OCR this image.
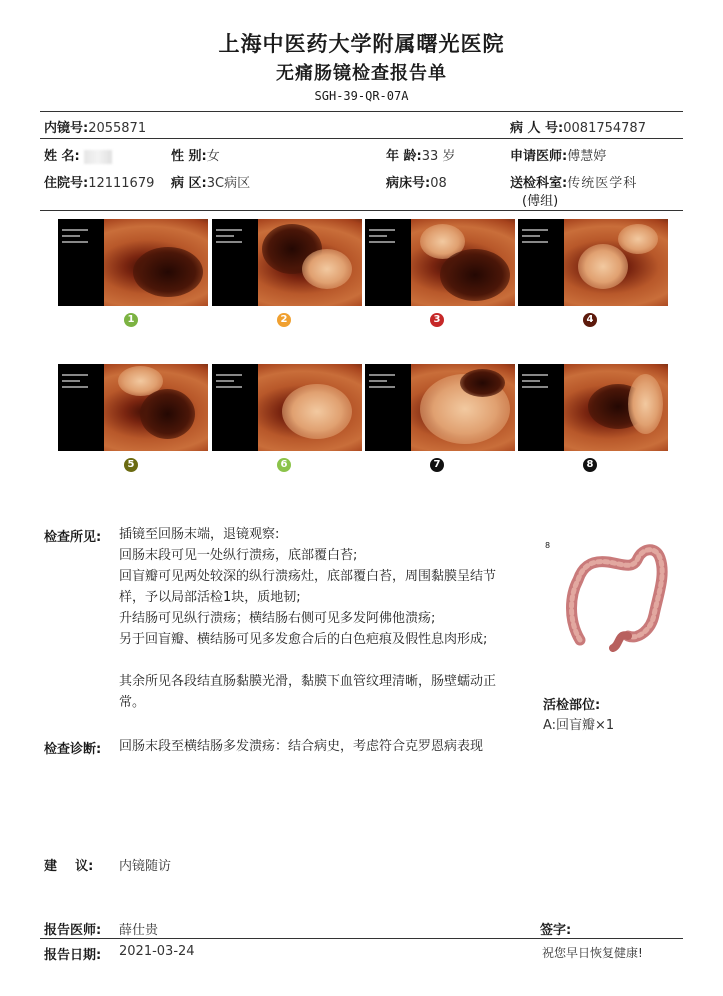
上海中医药大学附属曙光医院
无痛肠镜检查报告单
SGH-39-QR-07A
内镜号:2055871	病 人 号:0081754787
姓 名:	性 别:女	年 龄:33 岁	申请医师:傅慧婷
住院号:12111679 病 区:3C病区	病床号:08	送检科室:传统医学科
(傅组)
1	2	3	4
5	6	7	8
检查所见: 插镜至回肠末端，退镜观察:
回肠末段可见一处纵行溃疡，底部覆白苔;
回盲瓣可见两处较深的纵行溃疡灶，底部覆白苔，周围黏膜呈结节样，予以局部活检1块，质地韧;
升结肠可见纵行溃疡；横结肠右侧可见多发阿佛他溃疡;
另于回盲瓣、横结肠可见多发愈合后的白色疤痕及假性息肉形成;
其余所见各段结直肠黏膜光滑，黏膜下血管纹理清晰，肠壁蠕动正常。
8
活检部位:
A:回盲瓣×1
检查诊断: 回肠末段至横结肠多发溃疡：结合病史，考虑符合克罗恩病表现
建    议: 内镜随访
报告医师: 薛仕贵	签字:
报告日期: 2021-03-24	祝您早日恢复健康!
